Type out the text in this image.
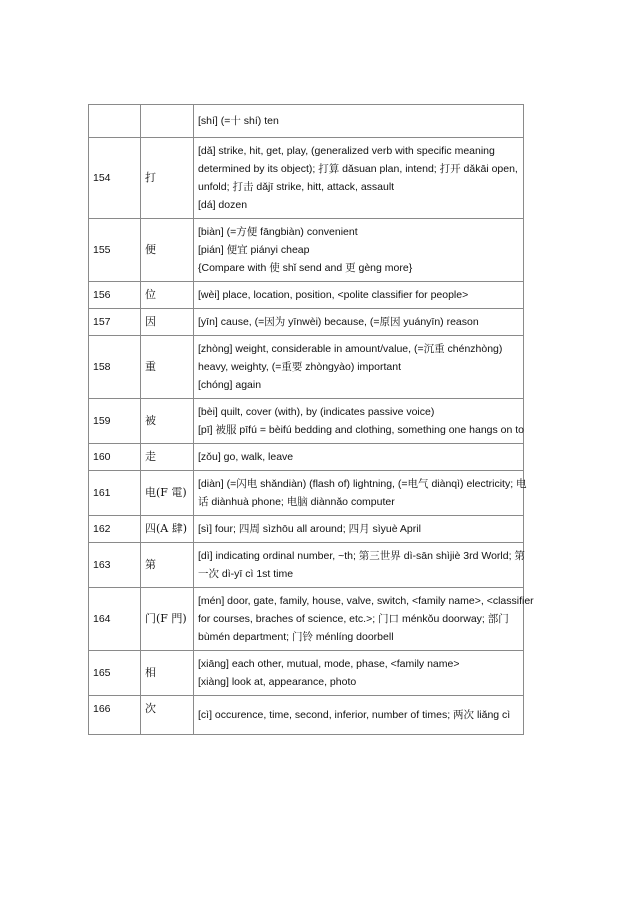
		[shí] (=十 shí) ten

154	打	[dǎ] strike, hit, get, play, (generalized verb with specific meaning
determined by its object); 打算 dǎsuan plan, intend; 打开 dǎkāi open,
unfold; 打击 dǎjī strike, hitt, attack, assault
[dá] dozen

155	便	[biàn] (=方便 fāngbiàn) convenient
[pián] 便宜 piányi cheap
{Compare with 使 shǐ send and 更 gèng more}

156	位	[wèi] place, location, position, <polite classifier for people>

157	因	[yīn] cause, (=因为 yīnwèi) because, (=原因 yuányīn) reason

158	重	[zhòng] weight, considerable in amount/value, (=沉重 chénzhòng)
heavy, weighty, (=重要 zhòngyào) important
[chóng] again

159	被	[bèi] quilt, cover (with), by (indicates passive voice)
[pī] 被服 pīfú = bèifú bedding and clothing, something one hangs on to

160	走	[zǒu] go, walk, leave

161	电(F 電)	[diàn] (=闪电 shǎndiàn) (flash of) lightning, (=电气 diànqì) electricity; 电
话 diànhuà phone; 电脑 diànnǎo computer

162	四(A 肆)	[sì] four; 四周 sìzhōu all around; 四月 sìyuè April

163	第	[dì] indicating ordinal number, ~th; 第三世界 dì-sān shìjiè 3rd World; 第
一次 dì-yī cì 1st time

164	门(F 門)	[mén] door, gate, family, house, valve, switch, <family name>, <classifier
for courses, braches of science, etc.>; 门口 ménkǒu doorway; 部门
bùmén department; 门铃 ménlíng doorbell

165	相	[xiāng] each other, mutual, mode, phase, <family name>
[xiàng] look at, appearance, photo

166	次	[cì] occurence, time, second, inferior, number of times; 两次 liǎng cì
